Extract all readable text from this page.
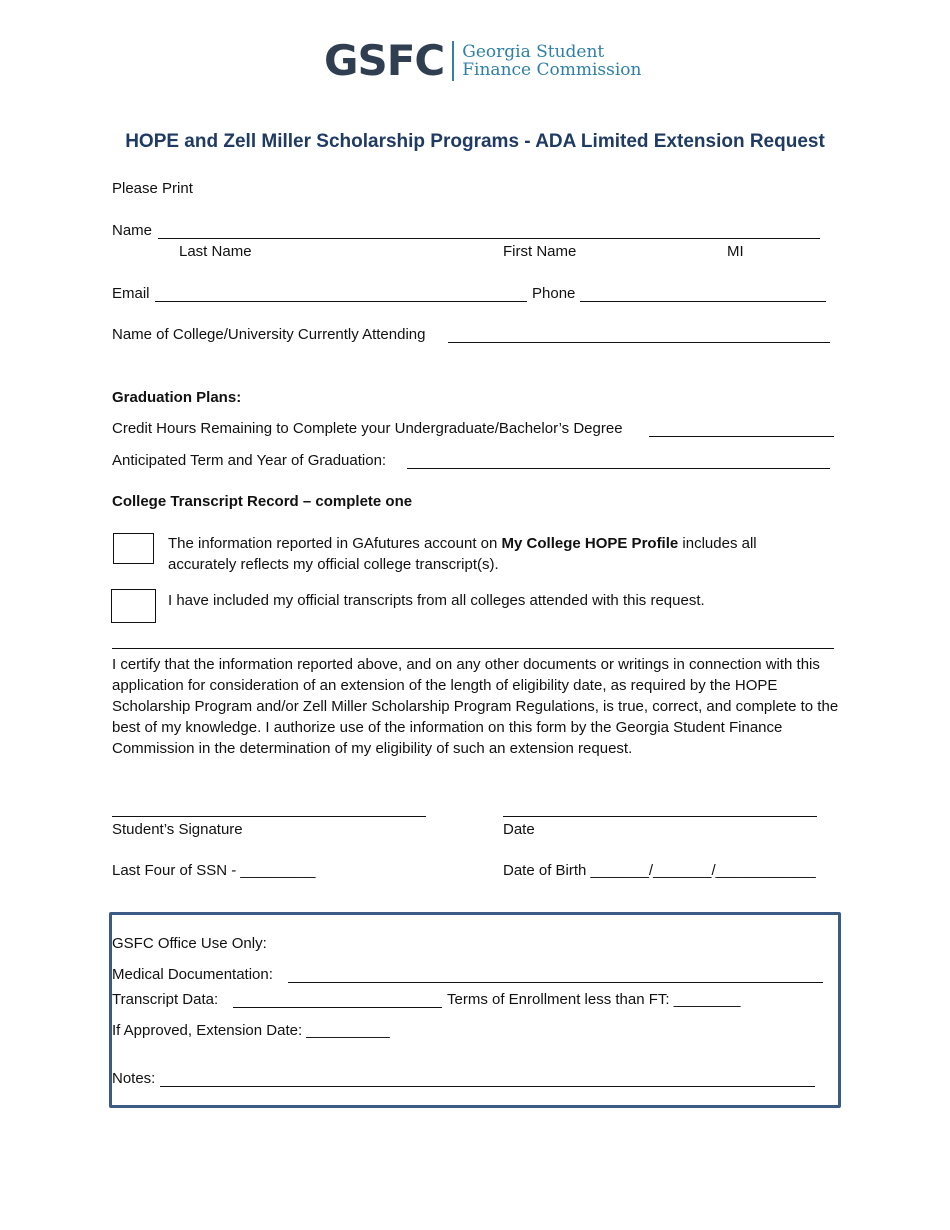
GSFC Georgia Student
Finance Commission
HOPE and Zell Miller Scholarship Programs - ADA Limited Extension Request
Please Print
Name
Last Name	First Name	MI
Email	Phone
Name of College/University Currently Attending
Graduation Plans:
Credit Hours Remaining to Complete your Undergraduate/Bachelor’s Degree
Anticipated Term and Year of Graduation:
College Transcript Record – complete one
The information reported in GAfutures account on My College HOPE Profile includes all
accurately reflects my official college transcript(s).
I have included my official transcripts from all colleges attended with this request.
I certify that the information reported above, and on any other documents or writings in connection with this application for consideration of an extension of the length of eligibility date, as required by the HOPE Scholarship Program and/or Zell Miller Scholarship Program Regulations, is true, correct, and complete to the best of my knowledge. I authorize use of the information on this form by the Georgia Student Finance Commission in the determination of my eligibility of such an extension request.
Student’s Signature	Date
Last Four of SSN - _________	Date of Birth _______/_______/____________
GSFC Office Use Only:
Medical Documentation:
Transcript Data:	Terms of Enrollment less than FT: ________
If Approved, Extension Date: __________
Notes:
